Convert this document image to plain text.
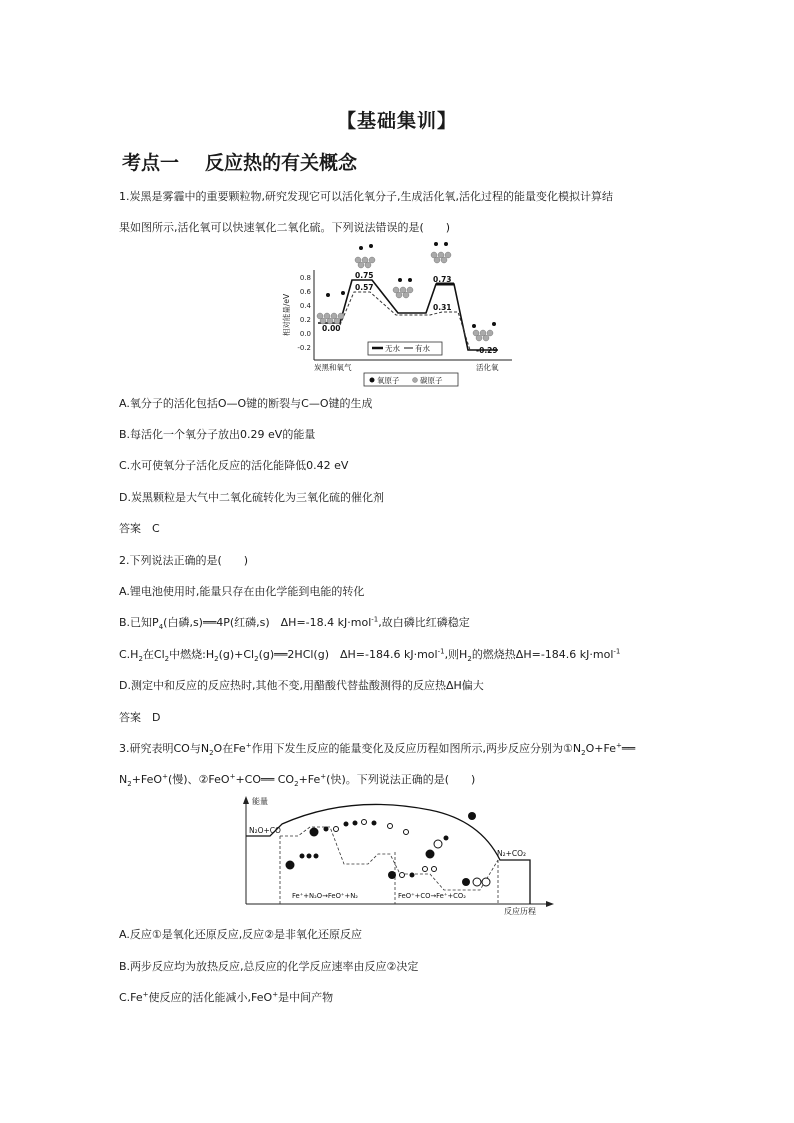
【基础集训】
考点一 反应热的有关概念
1.炭黑是雾霾中的重要颗粒物,研究发现它可以活化氧分子,生成活化氧,活化过程的能量变化模拟计算结
果如图所示,活化氧可以快速氧化二氧化硫。下列说法错误的是(　　)
0.8
0.6
0.4
0.2
0.0
-0.2
相对能量/eV
0.75
0.57
0.73
0.31
0.00
-0.29
无水 有水
炭黑和氧气	活化氧
氧原子	碳原子
A.氧分子的活化包括O—O键的断裂与C—O键的生成
B.每活化一个氧分子放出0.29 eV的能量
C.水可使氧分子活化反应的活化能降低0.42 eV
D.炭黑颗粒是大气中二氧化硫转化为三氧化硫的催化剂
答案　C
2.下列说法正确的是(　　)
A.锂电池使用时,能量只存在由化学能到电能的转化
B.已知$P_4$(白磷,s)══4P(红磷,s)　ΔH=-18.4 kJ·mol$^{-1}$,故白磷比红磷稳定
$C.H_2$在$Cl_2$中燃烧$:H_2(g)+Cl_2(g)══2HCl(g)$　ΔH=-184.6 kJ·mol$^{-1}$,则$H_2$的燃烧热ΔH=-184.6 kJ·mol$^{-1}$
D.测定中和反应的反应热时,其他不变,用醋酸代替盐酸测得的反应热ΔH偏大
答案　D
3.研究表明CO与$N_2O$在Fe+作用下发生反应的能量变化及反应历程如图所示,两步反应分别为$①N_2O+Fe^+══$
$N_2+FeO^+$(慢)、②FeO++CO══ $CO_2+Fe^+$(快)。下列说法正确的是(　　)
能量
反应历程
N₂O+CO
N₂+CO₂
Fe⁺+N₂O→FeO⁺+N₂	FeO⁺+CO→Fe⁺+CO₂
A.反应①是氧化还原反应,反应②是非氧化还原反应
B.两步反应均为放热反应,总反应的化学反应速率由反应②决定
C.Fe+使反应的活化能减小,FeO+是中间产物
